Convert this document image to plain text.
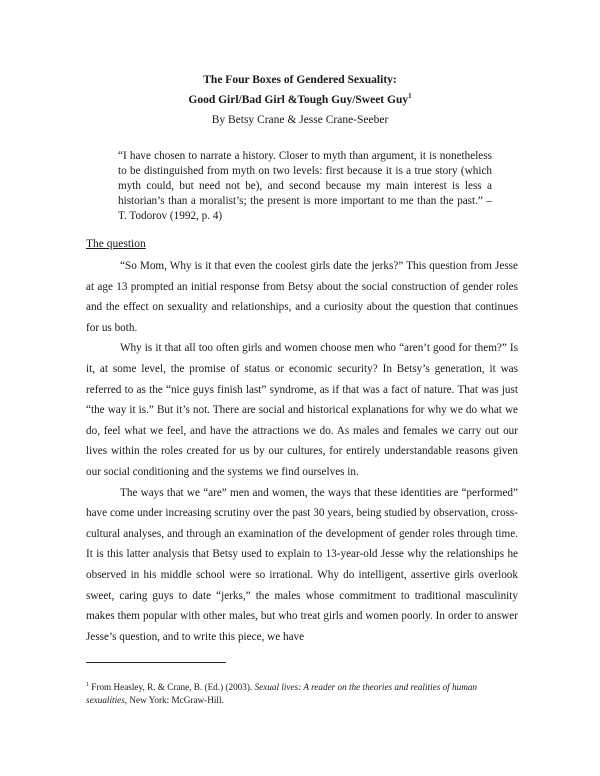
The Four Boxes of Gendered Sexuality:

Good Girl/Bad Girl &Tough Guy/Sweet Guy$^1$

By Betsy Crane & Jesse Crane-Seeber

“I have chosen to narrate a history. Closer to myth than argument, it is nonetheless to be distinguished from myth on two levels: first because it is a true story (which myth could, but need not be), and second because my main interest is less a historian’s than a moralist’s; the present is more important to me than the past.” – T. Todorov (1992, p. 4)

The question

“So Mom, Why is it that even the coolest girls date the jerks?” This question from Jesse at age 13 prompted an initial response from Betsy about the social construction of gender roles and the effect on sexuality and relationships, and a curiosity about the question that continues for us both.

Why is it that all too often girls and women choose men who “aren’t good for them?” Is it, at some level, the promise of status or economic security? In Betsy’s generation, it was referred to as the “nice guys finish last” syndrome, as if that was a fact of nature. That was just “the way it is.” But it’s not. There are social and historical explanations for why we do what we do, feel what we feel, and have the attractions we do. As males and females we carry out our lives within the roles created for us by our cultures, for entirely understandable reasons given our social conditioning and the systems we find ourselves in.

The ways that we “are” men and women, the ways that these identities are “performed” have come under increasing scrutiny over the past 30 years, being studied by observation, cross-cultural analyses, and through an examination of the development of gender roles through time. It is this latter analysis that Betsy used to explain to 13-year-old Jesse why the relationships he observed in his middle school were so irrational. Why do intelligent, assertive girls overlook sweet, caring guys to date “jerks,” the males whose commitment to traditional masculinity makes them popular with other males, but who treat girls and women poorly. In order to answer Jesse’s question, and to write this piece, we have

$^1$ From Heasley, R. & Crane, B. (Ed.) (2003). Sexual lives: A reader on the theories and realities of human sexualities, New York: McGraw-Hill.
